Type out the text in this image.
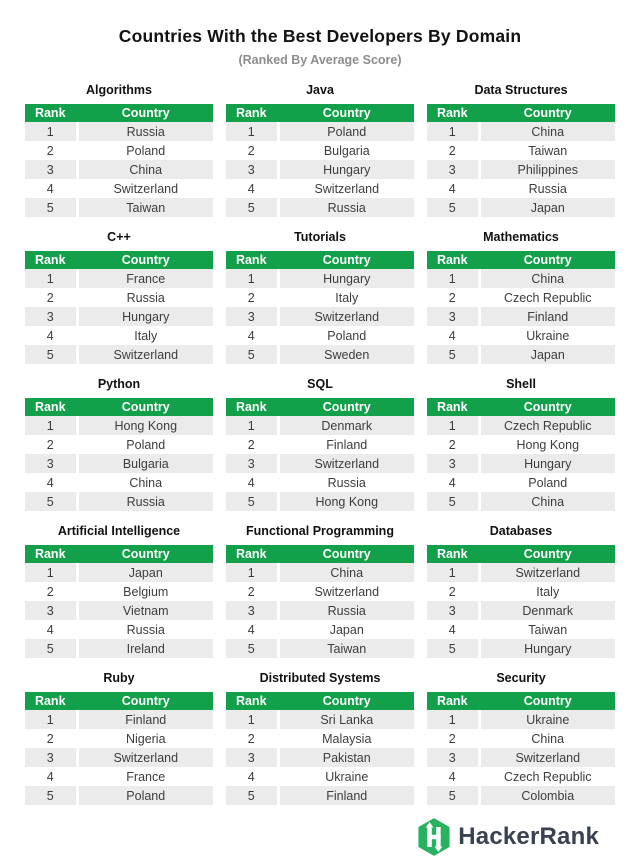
Countries With the Best Developers By Domain
(Ranked By Average Score)
Algorithms
Rank	Country
1	Russia
2	Poland
3	China
4	Switzerland
5	Taiwan
Java
Rank	Country
1	Poland
2	Bulgaria
3	Hungary
4	Switzerland
5	Russia
Data Structures
Rank	Country
1	China
2	Taiwan
3	Philippines
4	Russia
5	Japan
C++
Rank	Country
1	France
2	Russia
3	Hungary
4	Italy
5	Switzerland
Tutorials
Rank	Country
1	Hungary
2	Italy
3	Switzerland
4	Poland
5	Sweden
Mathematics
Rank	Country
1	China
2	Czech Republic
3	Finland
4	Ukraine
5	Japan
Python
Rank	Country
1	Hong Kong
2	Poland
3	Bulgaria
4	China
5	Russia
SQL
Rank	Country
1	Denmark
2	Finland
3	Switzerland
4	Russia
5	Hong Kong
Shell
Rank	Country
1	Czech Republic
2	Hong Kong
3	Hungary
4	Poland
5	China
Artificial Intelligence
Rank	Country
1	Japan
2	Belgium
3	Vietnam
4	Russia
5	Ireland
Functional Programming
Rank	Country
1	China
2	Switzerland
3	Russia
4	Japan
5	Taiwan
Databases
Rank	Country
1	Switzerland
2	Italy
3	Denmark
4	Taiwan
5	Hungary
Ruby
Rank	Country
1	Finland
2	Nigeria
3	Switzerland
4	France
5	Poland
Distributed Systems
Rank	Country
1	Sri Lanka
2	Malaysia
3	Pakistan
4	Ukraine
5	Finland
Security
Rank	Country
1	Ukraine
2	China
3	Switzerland
4	Czech Republic
5	Colombia
HackerRank
